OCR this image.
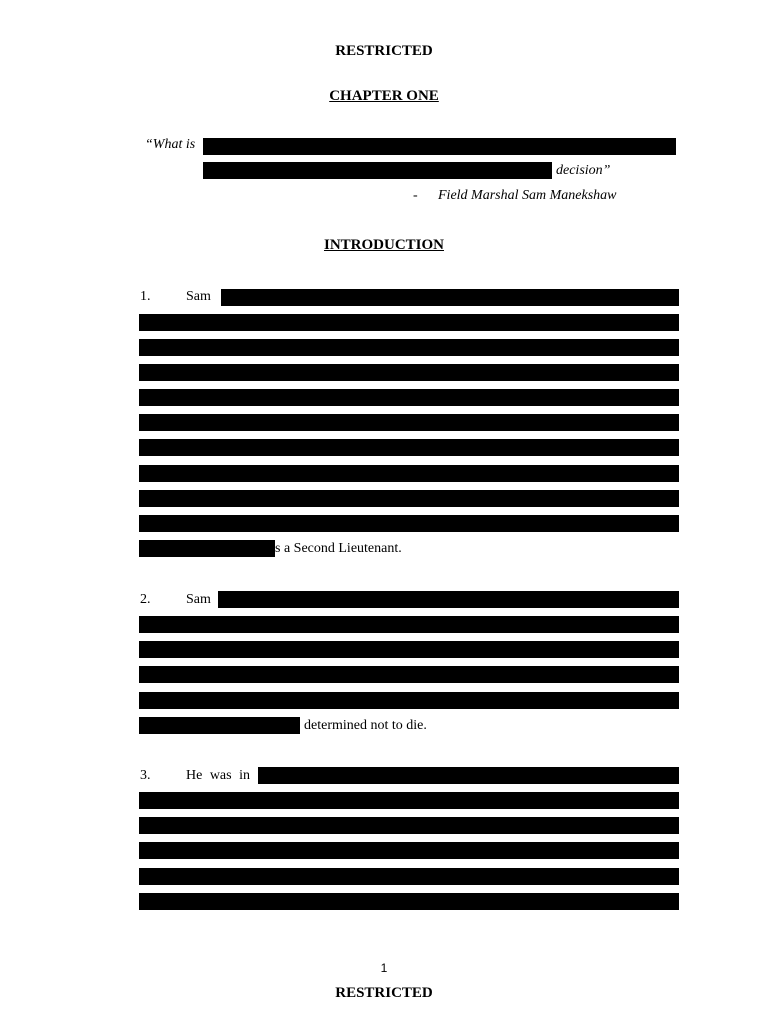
RESTRICTED
CHAPTER ONE
“What is
decision”
- Field Marshal Sam Manekshaw
INTRODUCTION
1.	Sam
s a Second Lieutenant.
2.	Sam
determined not to die.
3.	He was in
1
RESTRICTED
